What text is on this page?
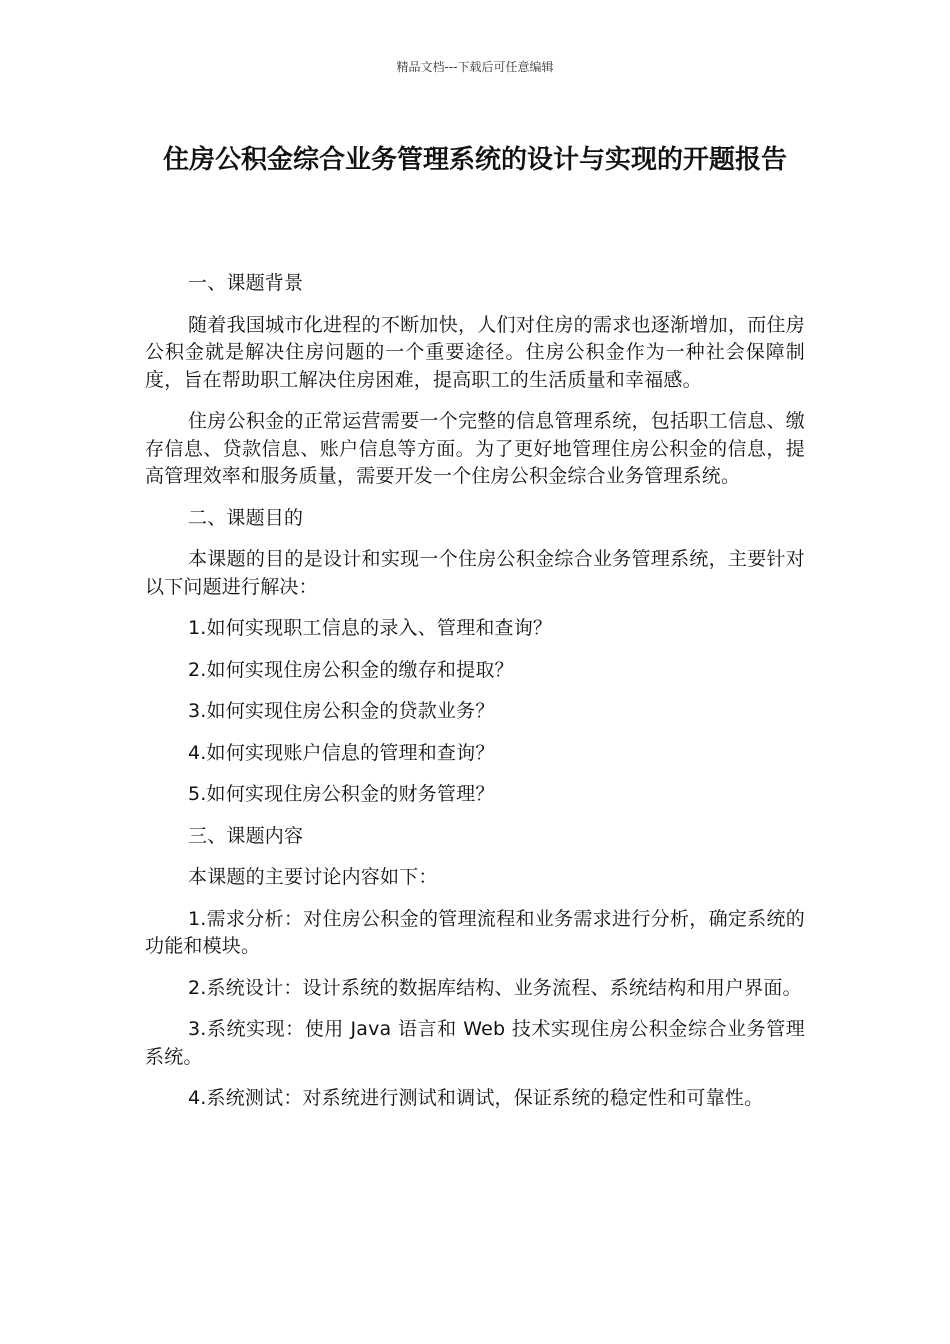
精品文档---下载后可任意编辑
住房公积金综合业务管理系统的设计与实现的开题报告

一、课题背景

随着我国城市化进程的不断加快，人们对住房的需求也逐渐增加，而住房公积金就是解决住房问题的一个重要途径。住房公积金作为一种社会保障制度，旨在帮助职工解决住房困难，提高职工的生活质量和幸福感。

住房公积金的正常运营需要一个完整的信息管理系统，包括职工信息、缴存信息、贷款信息、账户信息等方面。为了更好地管理住房公积金的信息，提高管理效率和服务质量，需要开发一个住房公积金综合业务管理系统。

二、课题目的

本课题的目的是设计和实现一个住房公积金综合业务管理系统，主要针对以下问题进行解决：

1.如何实现职工信息的录入、管理和查询？

2.如何实现住房公积金的缴存和提取？

3.如何实现住房公积金的贷款业务？

4.如何实现账户信息的管理和查询？

5.如何实现住房公积金的财务管理？

三、课题内容

本课题的主要讨论内容如下：

1.需求分析：对住房公积金的管理流程和业务需求进行分析，确定系统的功能和模块。

2.系统设计：设计系统的数据库结构、业务流程、系统结构和用户界面。

3.系统实现：使用 Java 语言和 Web 技术实现住房公积金综合业务管理系统。

4.系统测试：对系统进行测试和调试，保证系统的稳定性和可靠性。
